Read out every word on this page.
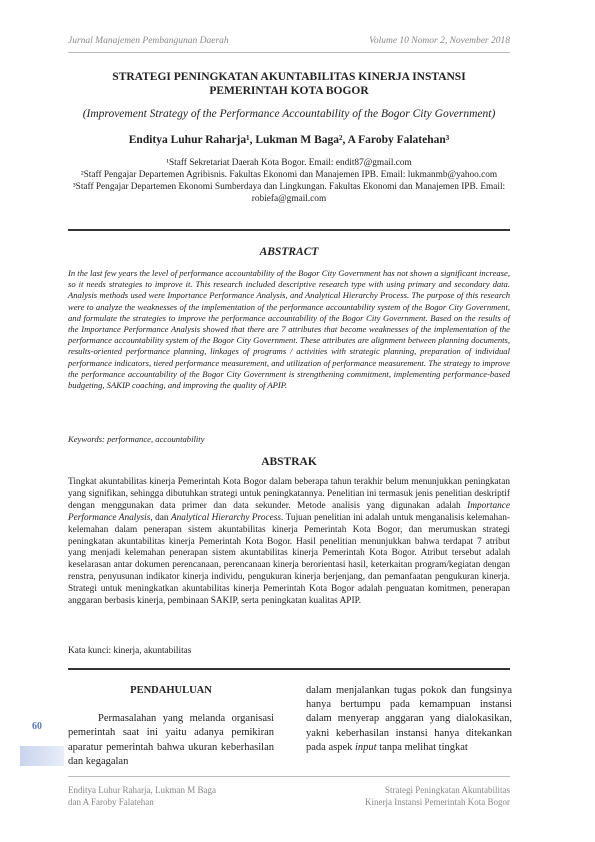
Jurnal Manajemen Pembangunan Daerah	Volume 10 Nomor 2, November 2018
STRATEGI PENINGKATAN AKUNTABILITAS KINERJA INSTANSI
PEMERINTAH KOTA BOGOR
(Improvement Strategy of the Performance Accountability of the Bogor City Government)
Enditya Luhur Raharja¹, Lukman M Baga², A Faroby Falatehan³
¹Staff Sekretariat Daerah Kota Bogor. Email: endit87@gmail.com
²Staff Pengajar Departemen Agribisnis. Fakultas Ekonomi dan Manajemen IPB. Email: lukmanmb@yahoo.com
³Staff Pengajar Departemen Ekonomi Sumberdaya dan Lingkungan. Fakultas Ekonomi dan Manajemen IPB. Email: robiefa@gmail.com
ABSTRACT

In the last few years the level of performance accountability of the Bogor City Government has not shown a significant increase, so it needs strategies to improve it. This research included descriptive research type with using primary and secondary data. Analysis methods used were Importance Performance Analysis, and Analytical Hierarchy Process. The purpose of this research were to analyze the weaknesses of the implementation of the performance accountability system of the Bogor City Government, and formulate the strategies to improve the performance accountability of the Bogor City Government. Based on the results of the Importance Performance Analysis showed that there are 7 attributes that become weaknesses of the implementation of the performance accountability system of the Bogor City Government. These attributes are alignment between planning documents, results-oriented performance planning, linkages of programs / activities with strategic planning, preparation of individual performance indicators, tiered performance measurement, and utilization of performance measurement. The strategy to improve the performance accountability of the Bogor City Government is strengthening commitment, implementing performance-based budgeting, SAKIP coaching, and improving the quality of APIP.

Keywords: performance, accountability
ABSTRAK

Tingkat akuntabilitas kinerja Pemerintah Kota Bogor dalam beberapa tahun terakhir belum menunjukkan peningkatan yang signifikan, sehingga dibutuhkan strategi untuk peningkatannya. Penelitian ini termasuk jenis penelitian deskriptif dengan menggunakan data primer dan data sekunder. Metode analisis yang digunakan adalah Importance Performance Analysis, dan Analytical Hierarchy Process. Tujuan penelitian ini adalah untuk menganalisis kelemahan-kelemahan dalam penerapan sistem akuntabilitas kinerja Pemerintah Kota Bogor, dan merumuskan strategi peningkatan akuntabilitas kinerja Pemerintah Kota Bogor. Hasil penelitian menunjukkan bahwa terdapat 7 atribut yang menjadi kelemahan penerapan sistem akuntabilitas kinerja Pemerintah Kota Bogor. Atribut tersebut adalah keselarasan antar dokumen perencanaan, perencanaan kinerja berorientasi hasil, keterkaitan program/kegiatan dengan renstra, penyusunan indikator kinerja individu, pengukuran kinerja berjenjang, dan pemanfaatan pengukuran kinerja. Strategi untuk meningkatkan akuntabilitas kinerja Pemerintah Kota Bogor adalah penguatan komitmen, penerapan anggaran berbasis kinerja, pembinaan SAKIP, serta peningkatan kualitas APIP.

Kata kunci: kinerja, akuntabilitas
PENDAHULUAN

Permasalahan yang melanda organisasi pemerintah saat ini yaitu adanya pemikiran aparatur pemerintah bahwa ukuran keberhasilan dan kegagalan

dalam menjalankan tugas pokok dan fungsinya hanya bertumpu pada kemampuan instansi dalam menyerap anggaran yang dialokasikan, yakni keberhasilan instansi hanya ditekankan pada aspek input tanpa melihat tingkat

60
Enditya Luhur Raharja, Lukman M Baga
dan A Faroby Falatehan
Strategi Peningkatan Akuntabilitas
Kinerja Instansi Pemerintah Kota Bogor
